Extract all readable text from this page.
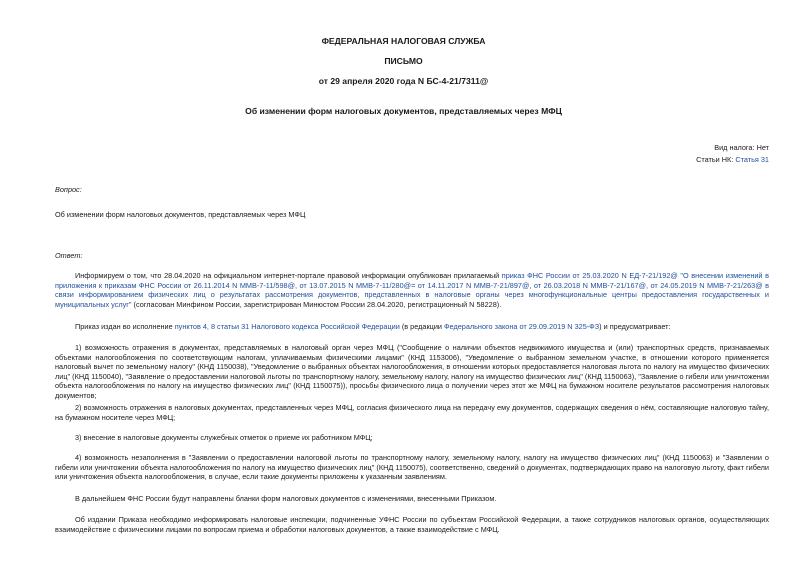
ФЕДЕРАЛЬНАЯ НАЛОГОВАЯ СЛУЖБА
ПИСЬМО
от 29 апреля 2020 года N БС-4-21/7311@
Об изменении форм налоговых документов, представляемых через МФЦ
Вид налога: Нет
Статьи НК: Статья 31
Вопрос:
Об изменении форм налоговых документов, представляемых через МФЦ
Ответ:
Информируем о том, что 28.04.2020 на официальном интернет-портале правовой информации опубликован прилагаемый приказ ФНС России от 25.03.2020 N ЕД-7-21/192@ "О внесении изменений в приложения к приказам ФНС России от 26.11.2014 N ММВ-7-11/598@, от 13.07.2015 N ММВ-7-11/280@= от 14.11.2017 N ММВ-7-21/897@, от 26.03.2018 N ММВ-7-21/167@, от 24.05.2019 N ММВ-7-21/263@ в связи информированием физических лиц о результатах рассмотрения документов, представленных в налоговые органы через многофункциональные центры предоставления государственных и муниципальных услуг" (согласован Минфином России, зарегистрирован Минюстом России 28.04.2020, регистрационный N 58228).
Приказ издан во исполнение пунктов 4, 8 статьи 31 Налогового кодекса Российской Федерации (в редакции Федерального закона от 29.09.2019 N 325-ФЗ) и предусматривает:
1) возможность отражения в документах, представляемых в налоговый орган через МФЦ ("Сообщение о наличии объектов недвижимого имущества и (или) транспортных средств, признаваемых объектами налогообложения по соответствующим налогам, уплачиваемым физическими лицами" (КНД 1153006), "Уведомление о выбранном земельном участке, в отношении которого применяется налоговый вычет по земельному налогу" (КНД 1150038), "Уведомление о выбранных объектах налогообложения, в отношении которых предоставляется налоговая льгота по налогу на имущество физических лиц" (КНД 1150040), "Заявление о предоставлении налоговой льготы по транспортному налогу, земельному налогу, налогу на имущество физических лиц" (КНД 1150063), "Заявление о гибели или уничтожении объекта налогообложения по налогу на имущество физических лиц" (КНД 1150075)), просьбы физического лица о получении через этот же МФЦ на бумажном носителе результатов рассмотрения налоговых документов;
2) возможность отражения в налоговых документах, представленных через МФЦ, согласия физического лица на передачу ему документов, содержащих сведения о нём, составляющие налоговую тайну, на бумажном носителе через МФЦ;
3) внесение в налоговые документы служебных отметок о приеме их работником МФЦ;
4) возможность незаполнения в "Заявлении о предоставлении налоговой льготы по транспортному налогу, земельному налогу, налогу на имущество физических лиц" (КНД 1150063) и "Заявлении о гибели или уничтожении объекта налогообложения по налогу на имущество физических лиц" (КНД 1150075), соответственно, сведений о документах, подтверждающих право на налоговую льготу, факт гибели или уничтожения объекта налогообложения, в случае, если такие документы приложены к указанным заявлениям.
В дальнейшем ФНС России будут направлены бланки форм налоговых документов с изменениями, внесенными Приказом.
Об издании Приказа необходимо информировать налоговые инспекции, подчиненные УФНС России по субъектам Российской Федерации, а также сотрудников налоговых органов, осуществляющих взаимодействие с физическими лицами по вопросам приема и обработки налоговых документов, а также взаимодействие с МФЦ.
